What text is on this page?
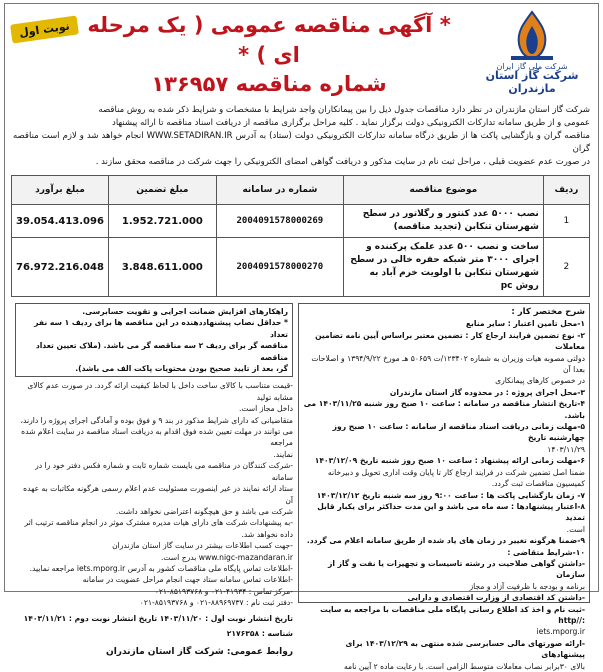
شرکت ملی گاز ایران
شرکت گاز استان مازندران
* آگهی مناقصه عمومی ( یک مرحله ای ) *
شماره مناقصه ۱۳۶۹۵۷
نوبت اول
شرکت گاز استان مازندران در نظر دارد مناقصات جدول ذیل را بین پیمانکاران واجد شرایط با مشخصات و شرایط ذکر شده به روش مناقصه
عمومی و از طریق سامانه تدارکات الکترونیکی دولت برگزار نماید . کلیه مراحل برگزاری مناقصه از دریافت اسناد مناقصه تا ارائه پیشنهاد
مناقصه گران و بازگشایی پاکت ها از طریق درگاه سامانه تدارکات الکترونیکی دولت (ستاد) به آدرس WWW.SETADIRAN.IR انجام خواهد شد و لازم است مناقصه گران
در صورت عدم عضویت قبلی ، مراحل ثبت نام در سایت مذکور و دریافت گواهی امضای الکترونیکی را جهت شرکت در مناقصه محقق سازند .
ردیف	موضوع مناقصه	شماره در سامانه	مبلغ تضمین	مبلغ برآورد
1	نصب ۵۰۰۰ عدد کنتور و رگلاتور در سطح شهرستان تنکابن (تجدید مناقصه)	2004091578000269	1.952.721.000	39.054.413.096
2	ساخت و نصب ۵۰۰ عدد علمک پرکننده و اجرای ۳۰۰۰ متر شبکه حفره خالی در سطح شهرستان تنکابن با اولویت خرم آباد به روش pc	2004091578000270	3.848.611.000	76.972.216.048
شرح مختصر کار :
۱-محل تامین اعتبار : سایر منابع
۲- نوع تضمین فرایند ارجاع کار : تضمین معتبر براساس آیین نامه تضامین معاملات
دولتی مصوبه هیات وزیران به شماره ۱۲۳۴۰۲/ت ۵۰۶۵۹ هـ مورخ ۱۳۹۴/۹/۲۲ و اصلاحات بعدا آن
در خصوص کارهای پیمانکاری
۳-محل اجرای پروژه : در محدوده گاز استان مازندران
۴-تاریخ انتشار مناقصه در سامانه : ساعت ۱۰ صبح روز شنبه ۱۴۰۳/۱۱/۲۵ می باشد.
۵-مهلت زمانی دریافت اسناد مناقصه از سامانه : ساعت ۱۰ صبح روز چهارشنبه تاریخ
۱۴۰۳/۱۱/۲۹
۶-مهلت زمانی ارائه پیشنهاد : ساعت ۱۰ صبح روز شنبه تاریخ ۱۴۰۳/۱۲/۰۹
ضمنا اصل تضمین شرکت در فرایند ارجاع کار تا پایان وقت اداری تحویل و دبیرخانه
کمیسیون مناقصات ثبت گردد.
۷- زمان بازگشایی پاکت ها : ساعت ۹:۰۰ روز سه شنبه تاریخ ۱۴۰۳/۱۲/۱۲
۸-اعتبار پیشنهادها : سه ماه می باشد و این مدت حداکثر برای یکبار قابل تمدید
است.
۹-ضمنا هرگونه تغییر در زمان های یاد شده از طریق سامانه اعلام می گردد.
۱۰-شرایط متقاضی :
-داشتن گواهی صلاحیت در رشته تاسیسات و تجهیزات یا نفت و گاز از سازمان
برنامه و بودجه با ظرفیت آزاد و مجاز
-داشتن کد اقتصادی از وزارت اقتصادی و دارایی
-ثبت نام و اخذ کد اطلاع رسانی پایگاه ملی مناقصات با مراجعه به سایت ://http
iets.mporg.ir
-ارائه صورتهای مالی حسابرسی شده منتهی به ۱۴۰۳/۱۲/۲۹ برای پیشنهادهای
بالای ۳۰برابر نصاب معاملات متوسط الزامی است. با رعایت ماده ۲ آیین نامه
راهکارهای افزایش ضمانت اجرایی و تقویت حسابرسی.
* حداقل نصاب پیشنهاددهنده در این مناقصه ها برای ردیف ۱ سه نفر تعداد
مناقصه گر برای ردیف ۲ سه مناقصه گر می باشد. (ملاک تعیین تعداد مناقصه
گر، بعد از تایید صحیح بودن محتویات پاکت الف می باشد).
-قیمت متناسب با کالای ساخت داخل با لحاظ کیفیت ارائه گردد. در صورت عدم کالای مشابه تولید
داخل مجاز است.
متقاضیانی که دارای شرایط مذکور در بند ۹ و فوق بوده و آمادگی اجرای پروژه را دارند،
می توانند در مهلت تعیین شده فوق اقدام به دریافت اسناد مناقصه در سایت اعلام شده مراجعه
نمایند.
-شرکت کنندگان در مناقصه می بایست شماره ثابت و شماره فکس دفتر خود را در سامانه
ستاد ارائه نمایند در غیر اینصورت مسئولیت عدم اعلام رسمی هرگونه مکاتبات به عهده آن
شرکت می باشد و حق هیچگونه اعتراضی نخواهد داشت.
-به پیشنهادات شرکت های دارای هیات مدیره مشترک موثر در انجام مناقصه ترتیب اثر
داده نخواهد شد.
-جهت کسب اطلاعات بیشتر در سایت گاز استان مازندران
www.nigc-mazandaran.ir بدرج است.
-اطلاعات تماس پایگاه ملی مناقصات کشور به آدرس iets.mporg.ir مراجعه نمایید.
-اطلاعات تماس سامانه ستاد جهت انجام مراحل عضویت در سامانه
-مرکز تماس : ۴۱۹۳۴-۰۲۱ و ۸۵۱۹۳۷۶۸-۰۲۱
-دفتر ثبت نام : ۸۸۹۶۹۷۳۷-۰۲۱ و ۸۵۱۹۳۷۶۸-۰۲۱
تاریخ انتشار نوبت اول : ۱۴۰۳/۱۱/۲۰ تاریخ انتشار نوبت دوم : ۱۴۰۳/۱۱/۲۱
شناسه : ۲۱۷۶۳۵۸
روابط عمومی: شرکت گاز استان مازندران
